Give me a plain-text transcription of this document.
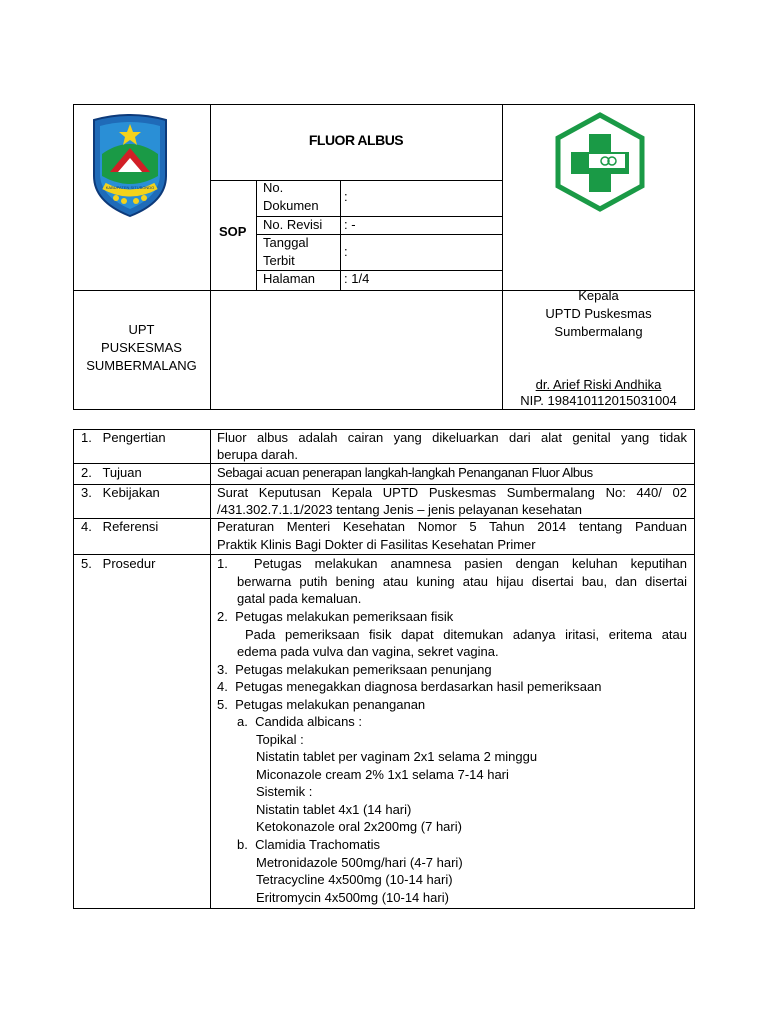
KABUPATEN SITUBONDO
FLUOR ALBUS
SOP
No.
Dokumen
:
No. Revisi : -
Tanggal
Terbit
:
Halaman : 1/4
UPT
PUSKESMAS
SUMBERMALANG
Kepala
UPTD Puskesmas
Sumbermalang
dr. Arief Riski Andhika
NIP. 198410112015031004
1.   Pengertian
2.   Tujuan
3.   Kebijakan
4.   Referensi
5.   Prosedur
Fluor albus adalah cairan yang dikeluarkan dari alat genital yang tidak
berupa darah.
Sebagai acuan penerapan langkah-langkah Penanganan Fluor Albus
Surat Keputusan Kepala UPTD Puskesmas Sumbermalang No: 440/ 02
/431.302.7.1.1/2023 tentang Jenis – jenis pelayanan kesehatan
Peraturan Menteri Kesehatan Nomor 5 Tahun 2014 tentang Panduan
Praktik Klinis Bagi Dokter di Fasilitas Kesehatan Primer
1.  Petugas melakukan anamnesa pasien dengan keluhan keputihan
berwarna putih bening atau kuning atau hijau disertai bau, dan disertai
gatal pada kemaluan.
2.  Petugas melakukan pemeriksaan fisik
Pada pemeriksaan fisik dapat ditemukan adanya iritasi, eritema atau
edema pada vulva dan vagina, sekret vagina.
3.  Petugas melakukan pemeriksaan penunjang
4.  Petugas menegakkan diagnosa berdasarkan hasil pemeriksaan
5.  Petugas melakukan penanganan
a.  Candida albicans :
Topikal :
Nistatin tablet per vaginam 2x1 selama 2 minggu
Miconazole cream 2% 1x1 selama 7-14 hari
Sistemik :
Nistatin tablet 4x1 (14 hari)
Ketokonazole oral 2x200mg (7 hari)
b.  Clamidia Trachomatis
Metronidazole 500mg/hari (4-7 hari)
Tetracycline 4x500mg (10-14 hari)
Eritromycin 4x500mg (10-14 hari)
